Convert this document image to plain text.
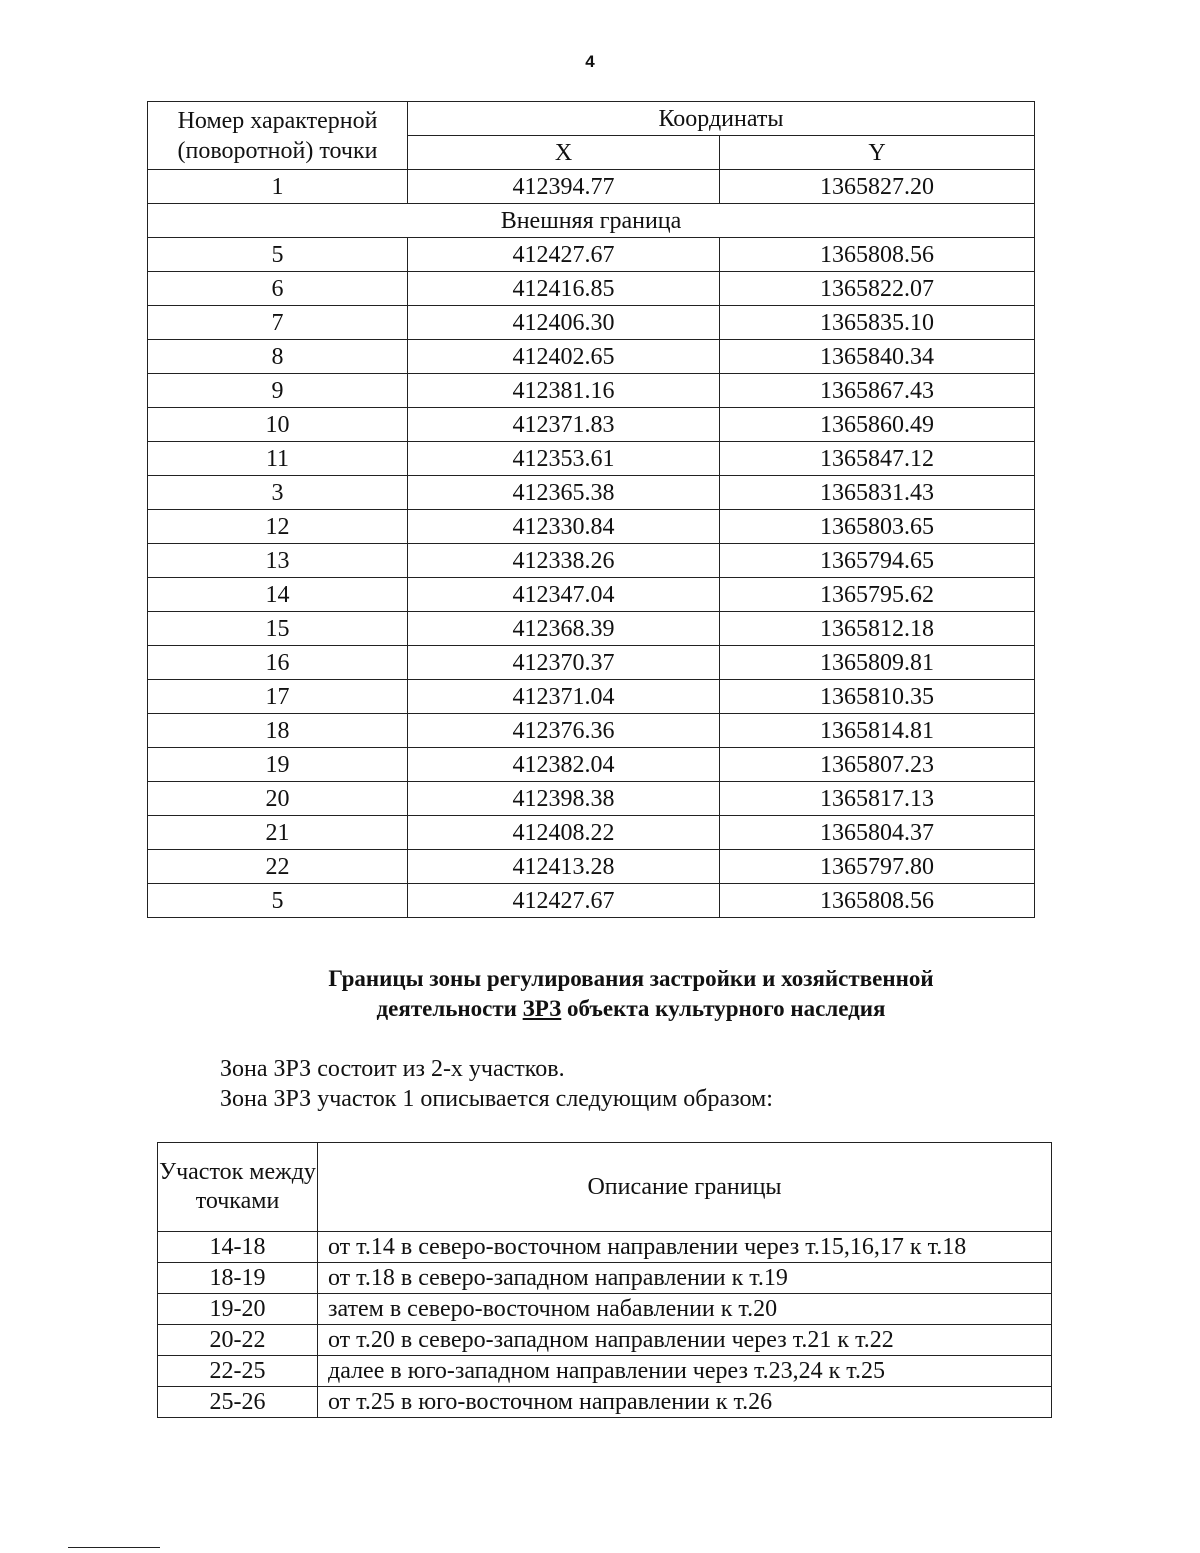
4
Номер характерной (поворотной) точки	Координаты	
	X	Y
1	412394.77	1365827.20
Внешняя граница		
5	412427.67	1365808.56
6	412416.85	1365822.07
7	412406.30	1365835.10
8	412402.65	1365840.34
9	412381.16	1365867.43
10	412371.83	1365860.49
11	412353.61	1365847.12
3	412365.38	1365831.43
12	412330.84	1365803.65
13	412338.26	1365794.65
14	412347.04	1365795.62
15	412368.39	1365812.18
16	412370.37	1365809.81
17	412371.04	1365810.35
18	412376.36	1365814.81
19	412382.04	1365807.23
20	412398.38	1365817.13
21	412408.22	1365804.37
22	412413.28	1365797.80
5	412427.67	1365808.56
Границы зоны регулирования застройки и хозяйственной
деятельности ЗРЗ объекта культурного наследия
Зона ЗРЗ состоит из 2-х участков.
Зона ЗРЗ участок 1 описывается следующим образом:
Участок между точками	Описание границы
14-18	от т.14 в северо-восточном направлении через т.15,16,17 к т.18
18-19	от т.18 в северо-западном направлении к т.19
19-20	затем в северо-восточном набавлении к т.20
20-22	от т.20 в северо-западном направлении через т.21 к т.22
22-25	далее в юго-западном направлении через т.23,24 к т.25
25-26	от т.25 в юго-восточном направлении к т.26
